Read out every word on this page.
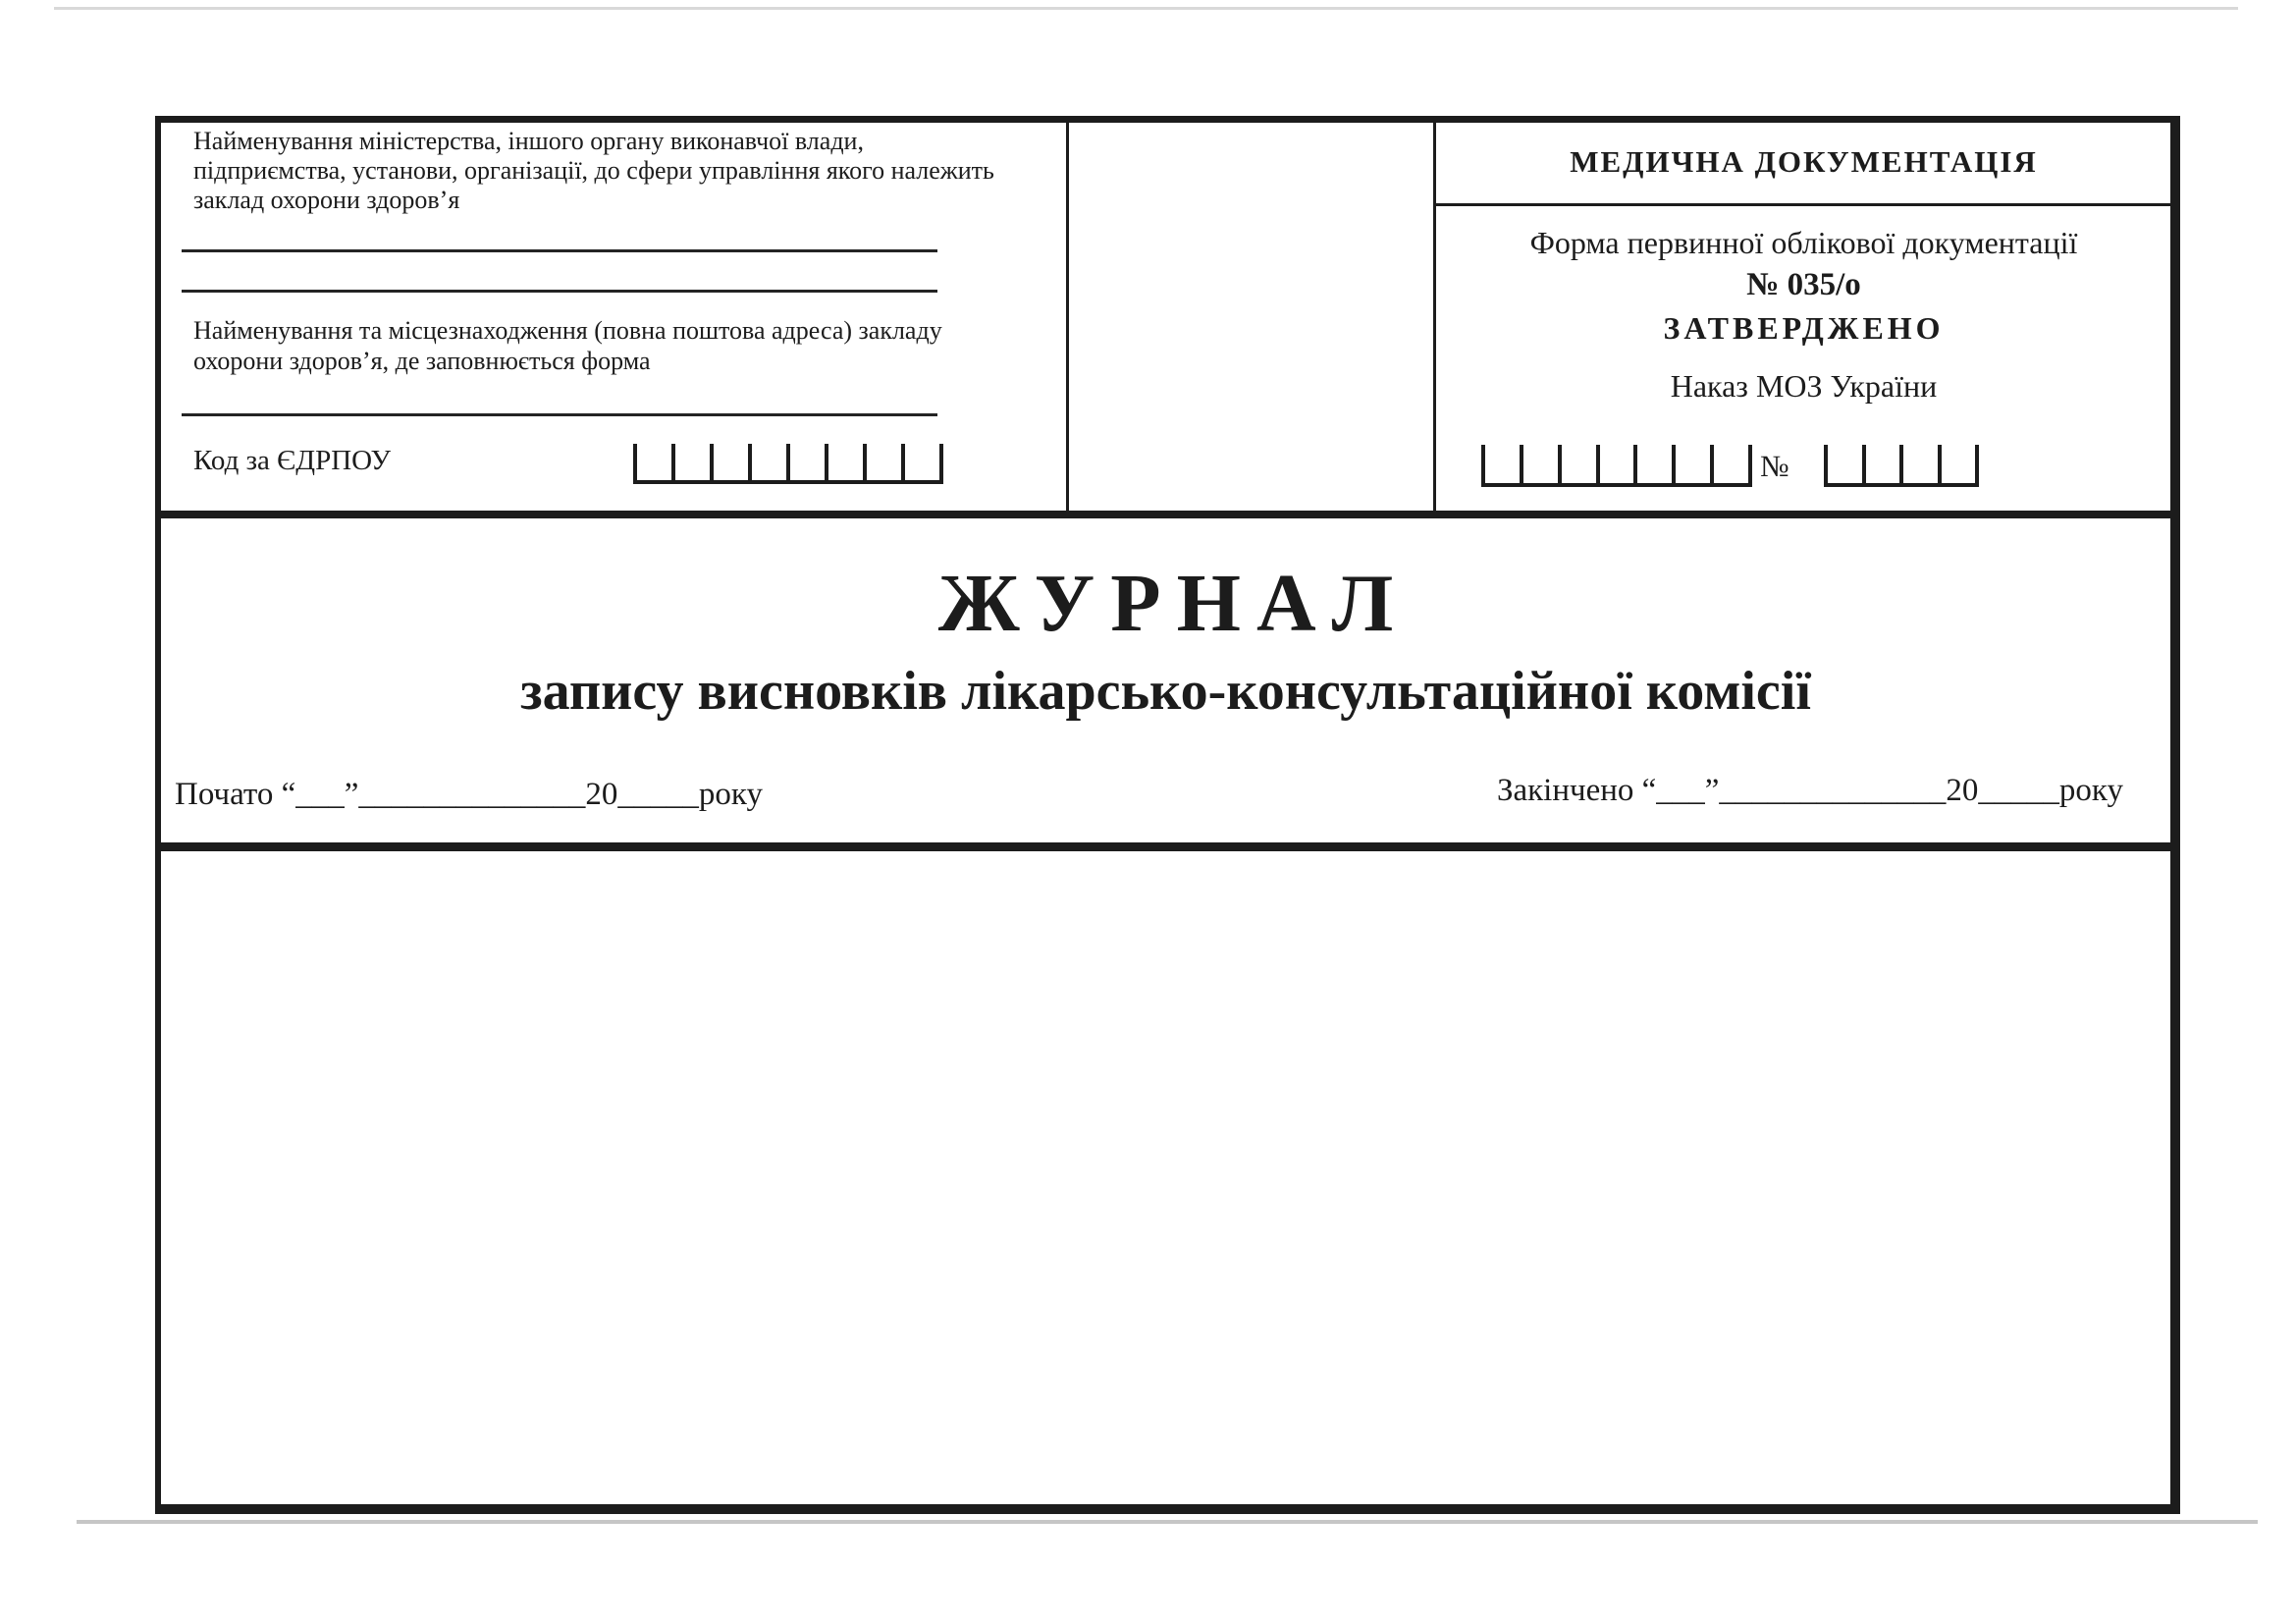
Найменування міністерства, іншого органу виконавчої влади,
підприємства, установи, організації, до сфери управління якого належить
заклад охорони здоров’я
Найменування та місцезнаходження (повна поштова адреса) закладу
охорони здоров’я, де заповнюється форма
Код за ЄДРПОУ
МЕДИЧНА ДОКУМЕНТАЦІЯ
Форма первинної облікової документації
№ 035/о
ЗАТВЕРДЖЕНО
Наказ МОЗ України
№
ЖУРНАЛ
запису висновків лікарсько-консультаційної комісії
Почато “___”______________20_____року	Закінчено “___”______________20_____року
